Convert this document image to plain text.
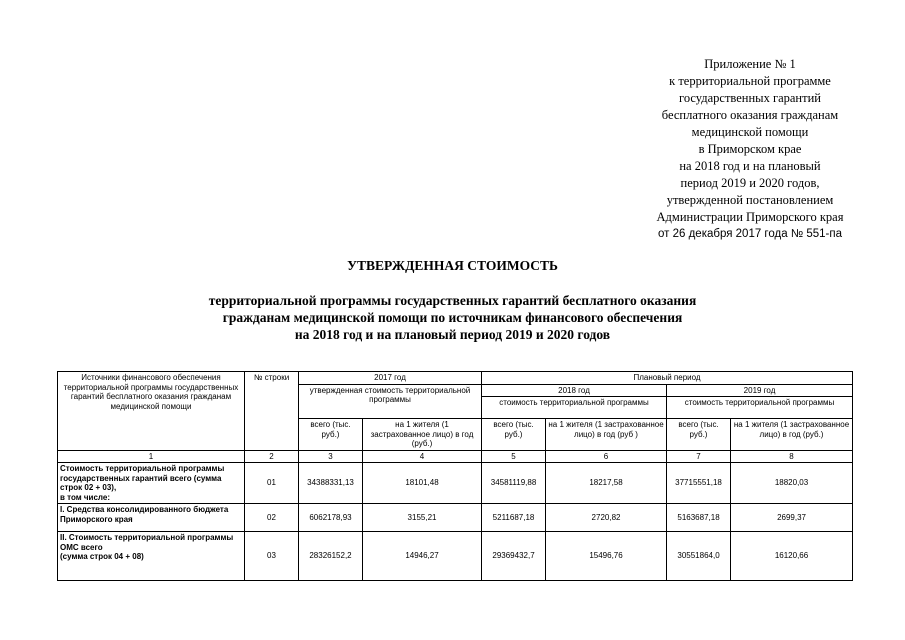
Приложение № 1
к территориальной программе
государственных гарантий
бесплатного оказания гражданам
медицинской помощи
в Приморском крае
на 2018 год и на плановый
период 2019 и 2020 годов,
утвержденной постановлением
Администрации Приморского края
от 26 декабря 2017 года № 551-па
УТВЕРЖДЕННАЯ СТОИМОСТЬ
территориальной программы государственных гарантий бесплатного оказания
гражданам медицинской помощи по источникам финансового обеспечения
на 2018 год и на плановый период 2019 и 2020 годов
Источники финансового обеспечения территориальной программы государственных гарантий бесплатного оказания гражданам медицинской помощи	№ строки	2017 год		Плановый период			
		утвержденная стоимость территориальной программы		2018 год		2019 год	
				стоимость территориальной программы		стоимость территориальной программы	
		всего (тыс. руб.)	на 1 жителя (1 застрахованное лицо) в год (руб.)	всего (тыс. руб.)	на 1 жителя (1 застрахованное лицо) в год (руб )	всего (тыс. руб.)	на 1 жителя (1 застрахованное лицо) в год (руб.)
1	2	3	4	5	6	7	8
Стоимость территориальной программы государственных гарантий всего (сумма строк 02 + 03),
в том числе:	01	34388331,13	18101,48	34581119,88	18217,58	37715551,18	18820,03
I. Средства консолидированного бюджета Приморского края	02	6062178,93	3155,21	5211687,18	2720,82	5163687,18	2699,37
II. Стоимость территориальной программы ОМС всего
(сумма строк 04 + 08)	03	28326152,2	14946,27	29369432,7	15496,76	30551864,0	16120,66
